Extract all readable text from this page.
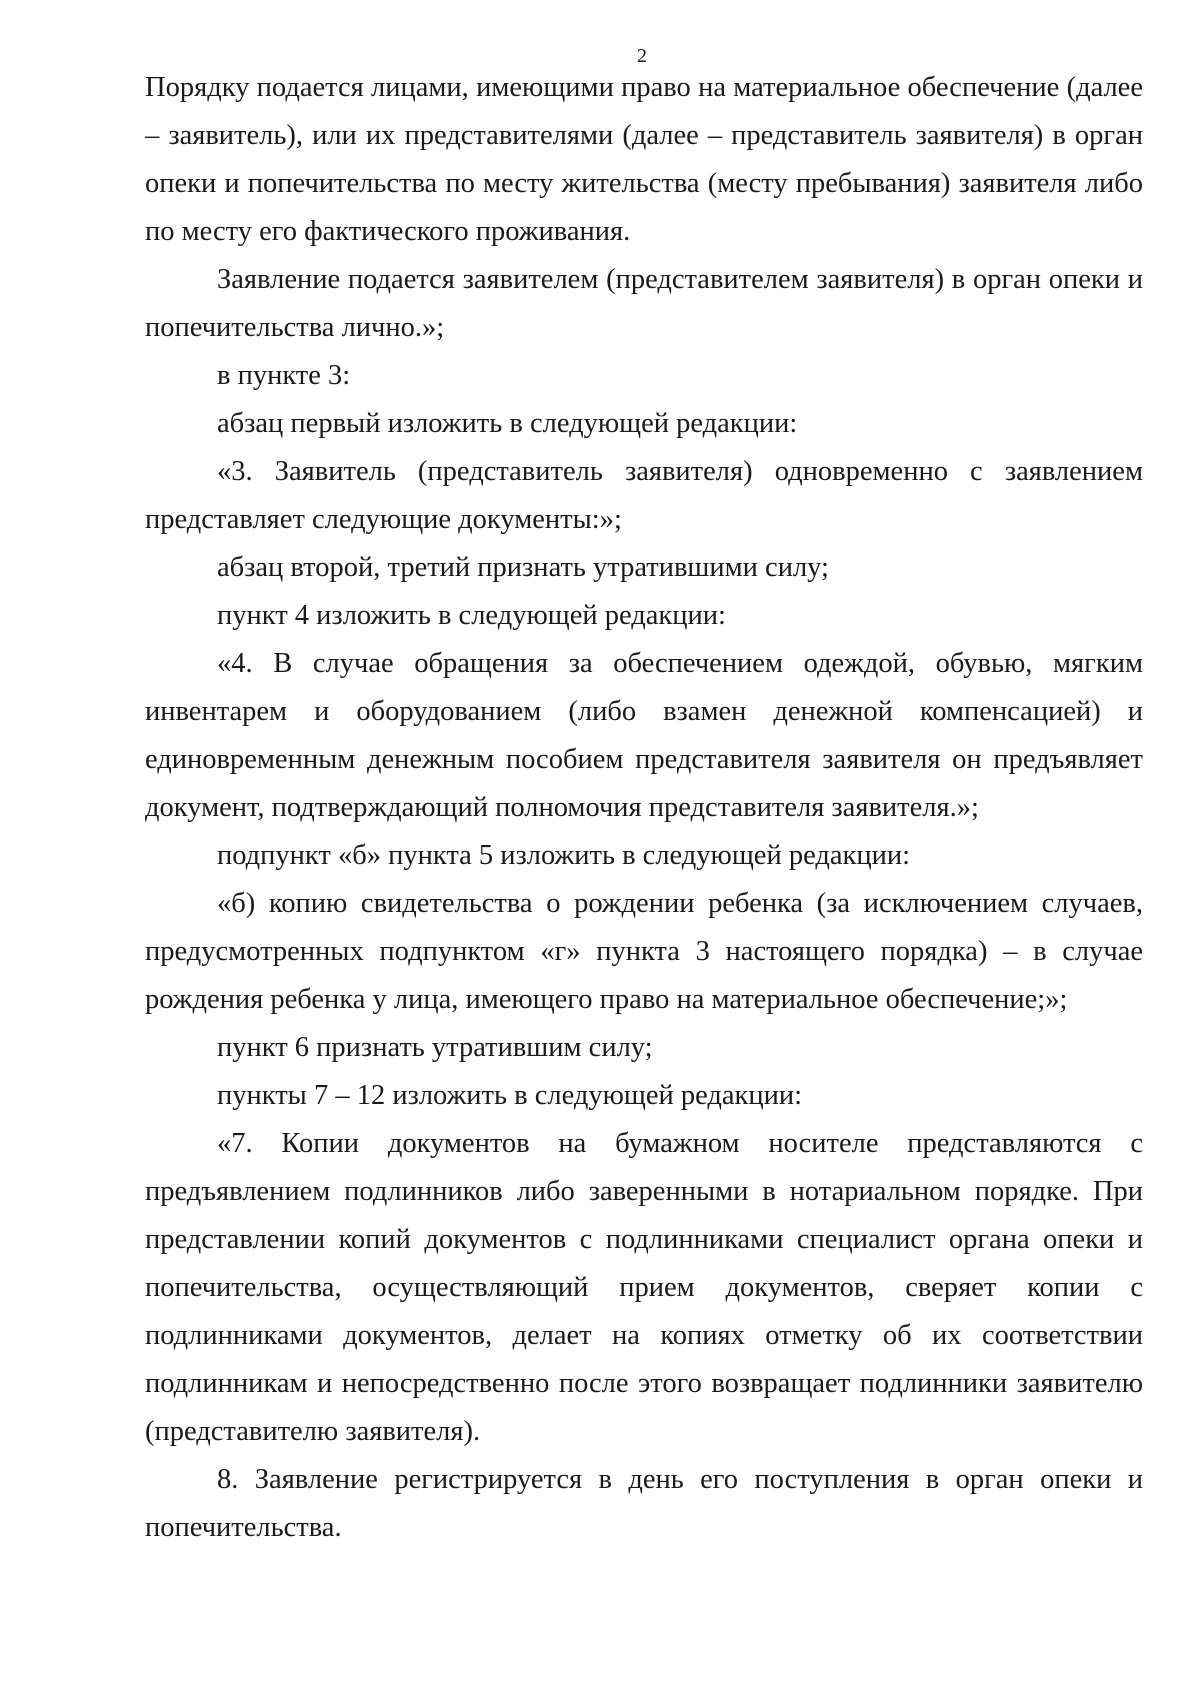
2

Порядку подается лицами, имеющими право на материальное обеспечение (далее – заявитель), или их представителями (далее – представитель заявителя) в орган опеки и попечительства по месту жительства (месту пребывания) заявителя либо по месту его фактического проживания.

Заявление подается заявителем (представителем заявителя) в орган опеки и попечительства лично.»;

в пункте 3:

абзац первый изложить в следующей редакции:

«3. Заявитель (представитель заявителя) одновременно с заявлением представляет следующие документы:»;

абзац второй, третий признать утратившими силу;

пункт 4 изложить в следующей редакции:

«4. В случае обращения за обеспечением одеждой, обувью, мягким инвентарем и оборудованием (либо взамен денежной компенсацией) и единовременным денежным пособием представителя заявителя он предъявляет документ, подтверждающий полномочия представителя заявителя.»;

подпункт «б» пункта 5 изложить в следующей редакции:

«б) копию свидетельства о рождении ребенка (за исключением случаев, предусмотренных подпунктом «г» пункта 3 настоящего порядка) – в случае рождения ребенка у лица, имеющего право на материальное обеспечение;»;

пункт 6 признать утратившим силу;

пункты 7 – 12 изложить в следующей редакции:

«7. Копии документов на бумажном носителе представляются с предъявлением подлинников либо заверенными в нотариальном порядке. При представлении копий документов с подлинниками специалист органа опеки и попечительства, осуществляющий прием документов, сверяет копии с подлинниками документов, делает на копиях отметку об их соответствии подлинникам и непосредственно после этого возвращает подлинники заявителю (представителю заявителя).

8. Заявление регистрируется в день его поступления в орган опеки и попечительства.
